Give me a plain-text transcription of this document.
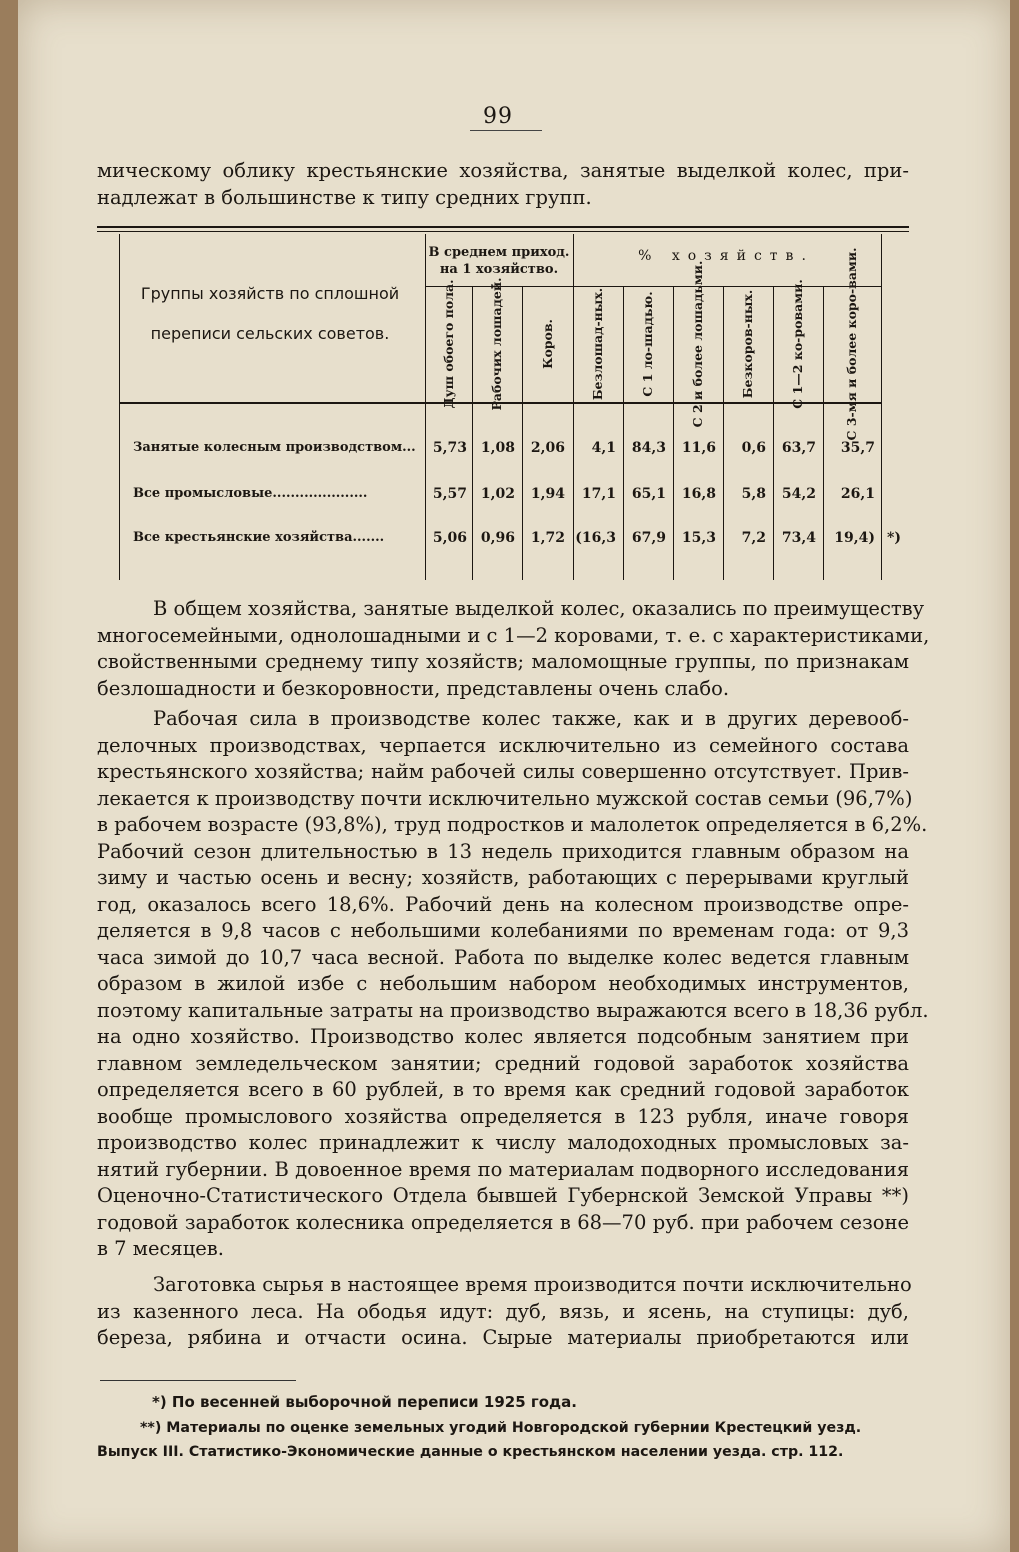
99

мическому облику крестьянские хозяйства, занятые выделкой колес, при-
надлежат в большинстве к типу средних групп.

Группы хозяйств по сплошной переписи сельских советов.
В среднем приход. на 1 хозяйство.
% хозяйств.
Душ обоего пола.	Рабочих лошадей.	Коров.	Безлошад-ных.	С 1 ло-шадью.	С 2 и более лошадьми.	Безкоров-ных.	С 1—2 ко-ровами.	С 3-мя и более коро-вами.
Занятые колесным производством...	5,73 1,08	2,06	4,1	84,3	11,6	0,6	63,7	35,7
Все промысловые.....................	5,57 1,02	1,94	17,1	65,1	16,8	5,8	54,2	26,1
Все крестьянские хозяйства.......	5,06 0,96	1,72 (16,3	67,9	15,3	7,2	73,4	19,4) *)

В общем хозяйства, занятые выделкой колес, оказались по преимуществу
многосемейными, однолошадными и с 1—2 коровами, т. е. с характеристиками,
свойственными среднему типу хозяйств; маломощные группы, по признакам
безлошадности и безкоровности, представлены очень слабо.

Рабочая сила в производстве колес также, как и в других деревооб-
делочных производствах, черпается исключительно из семейного состава
крестьянского хозяйства; найм рабочей силы совершенно отсутствует. Прив-
лекается к производству почти исключительно мужской состав семьи (96,7%)
в рабочем возрасте (93,8%), труд подростков и малолеток определяется в 6,2%.
Рабочий сезон длительностью в 13 недель приходится главным образом на
зиму и частью осень и весну; хозяйств, работающих с перерывами круглый
год, оказалось всего 18,6%. Рабочий день на колесном производстве опре-
деляется в 9,8 часов с небольшими колебаниями по временам года: от 9,3
часа зимой до 10,7 часа весной. Работа по выделке колес ведется главным
образом в жилой избе с небольшим набором необходимых инструментов,
поэтому капитальные затраты на производство выражаются всего в 18,36 рубл.
на одно хозяйство. Производство колес является подсобным занятием при
главном земледельческом занятии; средний годовой заработок хозяйства
определяется всего в 60 рублей, в то время как средний годовой заработок
вообще промыслового хозяйства определяется в 123 рубля, иначе говоря
производство колес принадлежит к числу малодоходных промысловых за-
нятий губернии. В довоенное время по материалам подворного исследования
Оценочно-Статистического Отдела бывшей Губернской Земской Управы **)
годовой заработок колесника определяется в 68—70 руб. при рабочем сезоне
в 7 месяцев.

Заготовка сырья в настоящее время производится почти исключительно
из казенного леса. На ободья идут: дуб, вязь, и ясень, на ступицы: дуб,
береза, рябина и отчасти осина. Сырые материалы приобретаются или

*) По весенней выборочной переписи 1925 года.
**) Материалы по оценке земельных угодий Новгородской губернии Крестецкий уезд.
Выпуск III. Статистико-Экономические данные о крестьянском населении уезда. стр. 112.
